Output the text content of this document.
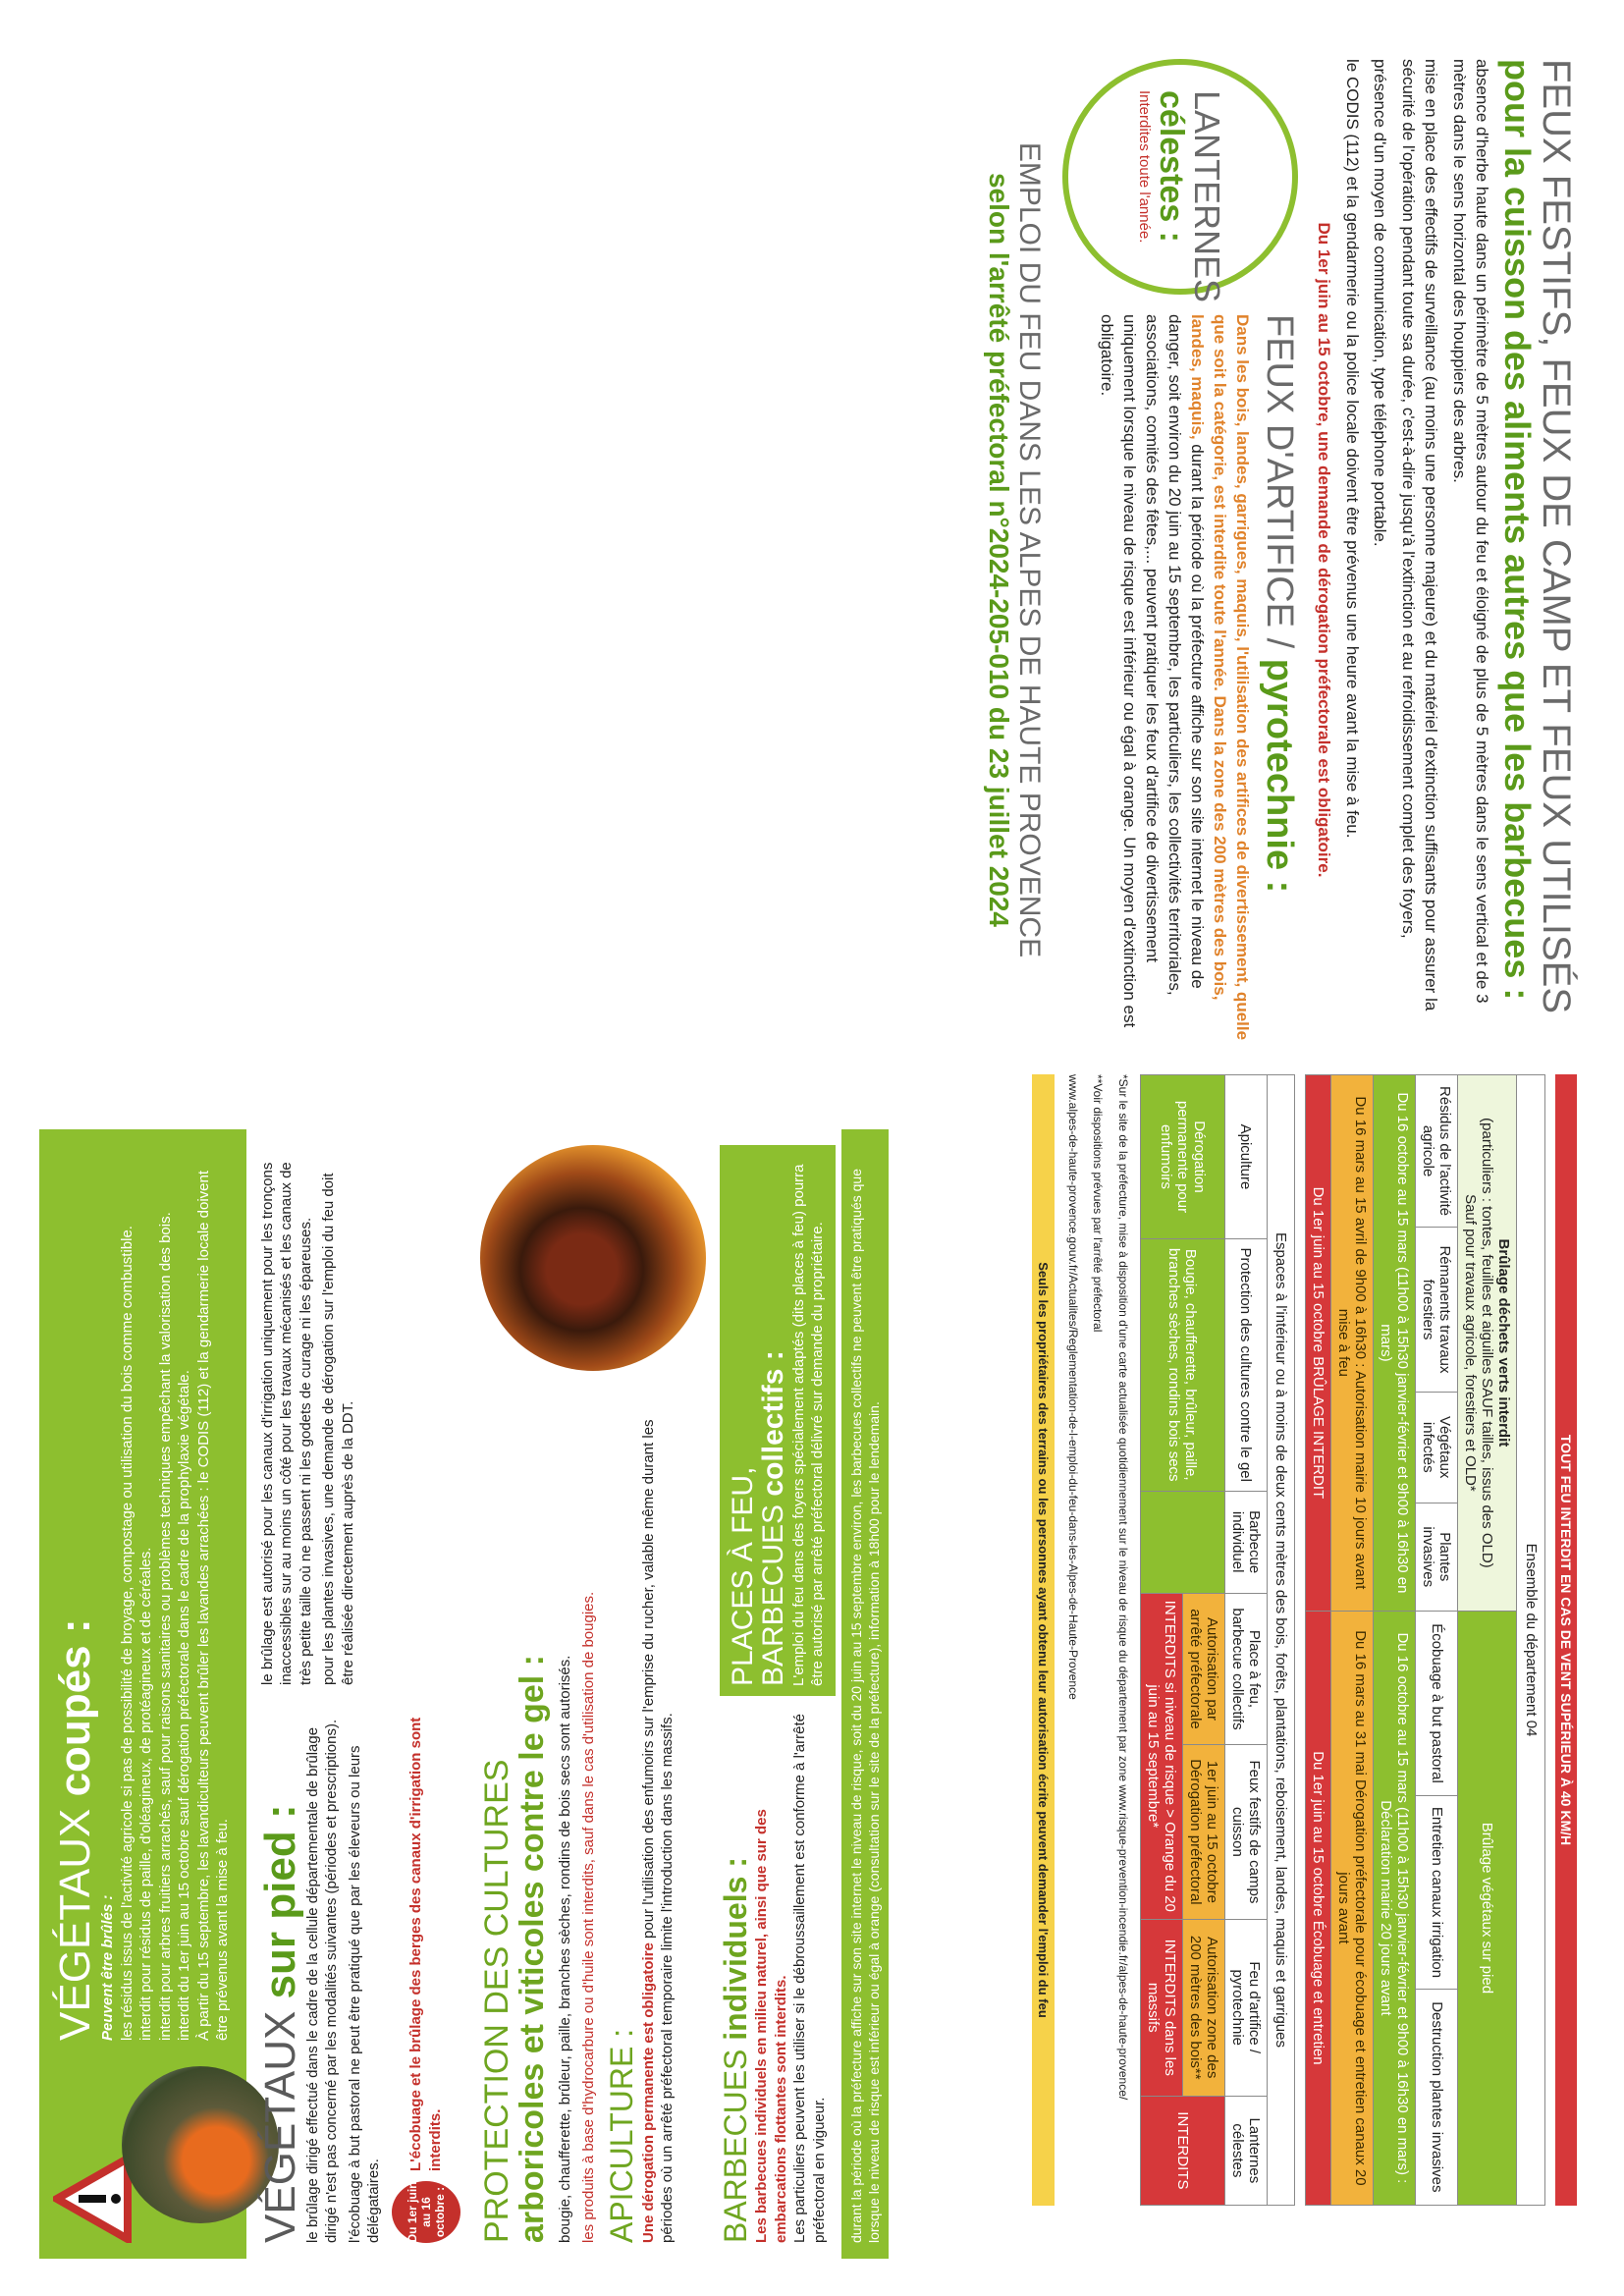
VÉGÉTAUX coupés :

Peuvent être brûlés : les résidus issus de l'activité agricole si pas de possibilité de broyage, compostage ou utilisation du bois comme combustible. interdit pour résidus de paille, d'oléagineux, de protéagineux et de céréales. interdit pour arbres fruitiers arrachés, sauf pour raisons sanitaires ou problèmes techniques empêchant la valorisation des bois. interdit du 1er juin au 15 octobre sauf dérogation préfectorale dans le cadre de la prophylaxie végétale. À partir du 15 septembre, les lavandiculteurs peuvent brûler les lavandes arrachées : le CODIS (112) et la gendarmerie locale doivent être prévenus avant la mise à feu.

VÉGÉTAUX sur pied : le brûlage dirigé effectué dans le cadre de la cellule départementale de brûlage dirigé n'est pas concerné par les modalités suivantes (périodes et prescriptions). l'écobuage à but pastoral ne peut être pratiqué que par les éleveurs ou leurs délégataires. Du 1er juin au 16 octobre :

L'écobuage et le brûlage des berges des canaux d'irrigation sont interdits.

le brûlage est autorisé pour les canaux d'irrigation uniquement pour les tronçons inaccessibles sur au moins un côté pour les travaux mécanisés et les canaux de très petite taille où ne passent ni les godets de curage ni les épareuses. pour les plantes invasives, une demande de dérogation sur l'emploi du feu doit être réalisée directement auprès de la DDT.

PROTECTION DES CULTURES
arboricoles et viticoles contre le gel : bougie, chaufferette, brûleur, paille, branches sèches, rondins de bois secs sont autorisés. les produits à base d'hydrocarbure ou d'huile sont interdits, sauf dans le cas d'utilisation de bougies. APICULTURE : Une dérogation permanente est obligatoire pour l'utilisation des enfumoirs sur l'emprise du rucher, valable même durant les périodes où un arrêté préfectoral temporaire limite l'introduction dans les massifs. BARBECUES individuels : Les barbecues individuels en milieu naturel, ainsi que sur des embarcations flottantes sont interdits. Les particuliers peuvent les utiliser si le débroussaillement est conforme à l'arrêté préfectoral en vigueur.

PLACES À FEU,
BARBECUES collectifs : L'emploi du feu dans des foyers spécialement adaptés (dits places à feu) pourra être autorisé par arrêté préfectoral délivré sur demande du propriétaire.	durant la période où la préfecture affiche sur son site internet le niveau de risque, soit du 20 juin au 15 septembre environ, les barbecues collectifs ne peuvent être pratiqués que lorsque le niveau de risque est inférieur ou égal à orange (consultation sur le site de la préfecture), information à 18h00 pour le lendemain.
FEUX FESTIFS, FEUX DE CAMP ET FEUX UTILISÉS
pour la cuisson des aliments autres que les barbecues :

absence d'herbe haute dans un périmètre de 5 mètres autour du feu et éloigné de plus de 5 mètres dans le sens vertical et de 3 mètres dans le sens horizontal des houppiers des arbres.

mise en place des effectifs de surveillance (au moins une personne majeure) et du matériel d'extinction suffisants pour assurer la sécurité de l'opération pendant toute sa durée, c'est-à-dire jusqu'à l'extinction et au refroidissement complet des foyers,

présence d'un moyen de communication, type téléphone portable.

le CODIS (112) et la gendarmerie ou la police locale doivent être prévenus une heure avant la mise à feu.

Du 1er juin au 15 octobre, une demande de dérogation préfectorale est obligatoire.

LANTERNES
célestes :

Interdites toute l'année.

FEUX D'ARTIFICE / pyrotechnie :

Dans les bois, landes, garrigues, maquis, l'utilisation des artifices de divertissement, quelle que soit la catégorie, est interdite toute l'année. Dans la zone des 200 mètres des bois, landes, maquis, durant la période où la préfecture affiche sur son site internet le niveau de danger, soit environ du 20 juin au 15 septembre, les particuliers, les collectivités territoriales, associations, comités des fêtes,... peuvent pratiquer les feux d'artifice de divertissement uniquement lorsque le niveau de risque est inférieur ou égal à orange. Un moyen d'extinction est obligatoire.

EMPLOI DU FEU DANS LES ALPES DE HAUTE PROVENCE
selon l'arrêté préfectoral n°2024-205-010 du 23 juillet 2024
TOUT FEU INTERDIT EN CAS DE VENT SUPÉRIEUR À 40 KM/H
Ensemble du département 04						
Brûlage déchets verts interdit
(particuliers : tontes, feuilles et aiguilles SAUF tailles, issus des OLD)
Sauf pour travaux agricole, forestiers et OLD*				Brûlage végétaux sur pied		
Résidus de l'activité agricole	Rémanents travaux forestiers	Végétaux infectés	Plantes invasives	Écobuage à but pastoral	Entretien canaux irrigation	Destruction plantes invasives
Du 16 octobre au 15 mars (11h00 à 15h30 janvier-février et 9h00 à 16h30 en mars)				Du 16 octobre au 15 mars (11h00 à 15h30 janvier-février et 9h00 à 16h30 en mars) : Déclaration mairie 20 jours avant		
Du 16 mars au 15 avril de 9h00 à 16h30 : Autorisation mairie 10 jours avant mise à feu				Du 16 mars au 31 mai Dérogation préfectorale pour écobuage et entretien canaux 20 jours avant		
Du 1er juin au 15 octobre BRÛLAGE INTERDIT				Du 1er juin au 15 octobre Écobuage et entretien		
Espaces à l'intérieur ou à moins de deux cents mètres des bois, forêts, plantations, reboisement, landes, maquis et garrigues						
Apiculture	Protection des cultures contre le gel	Barbecue individuel	Place à feu, barbecue collectifs	Feux festifs de camps cuisson	Feu d'artifice / pyrotechnie	Lanternes célestes
Dérogation permanente pour enfumoirs	Bougie, chaufferette, brûleur, paille, branches sèches, rondins bois secs		Autorisation par arrêté préfectorale	1er juin au 15 octobre Dérogation préfectoral	Autorisation zone des 200 mètres des bois**	INTERDITS
			INTERDITS si niveau de risque > Orange du 20 juin au 15 septembre*		INTERDITS dans les massifs	

*Sur le site de la préfecture, mise à disposition d'une carte actualisée quotidiennement sur le niveau de risque du département par zone www.risque-prevention-incendie.fr/alpes-de-haute-provence/

**Voir dispositions prévues par l'arrêté préfectoral

www.alpes-de-haute-provence.gouv.fr/Actualites/Reglementation-de-l-emploi-du-feu-dans-les-Alpes-de-Haute-Provence

Seuls les propriétaires des terrains ou les personnes ayant obtenu leur autorisation écrite peuvent demander l'emploi du feu
